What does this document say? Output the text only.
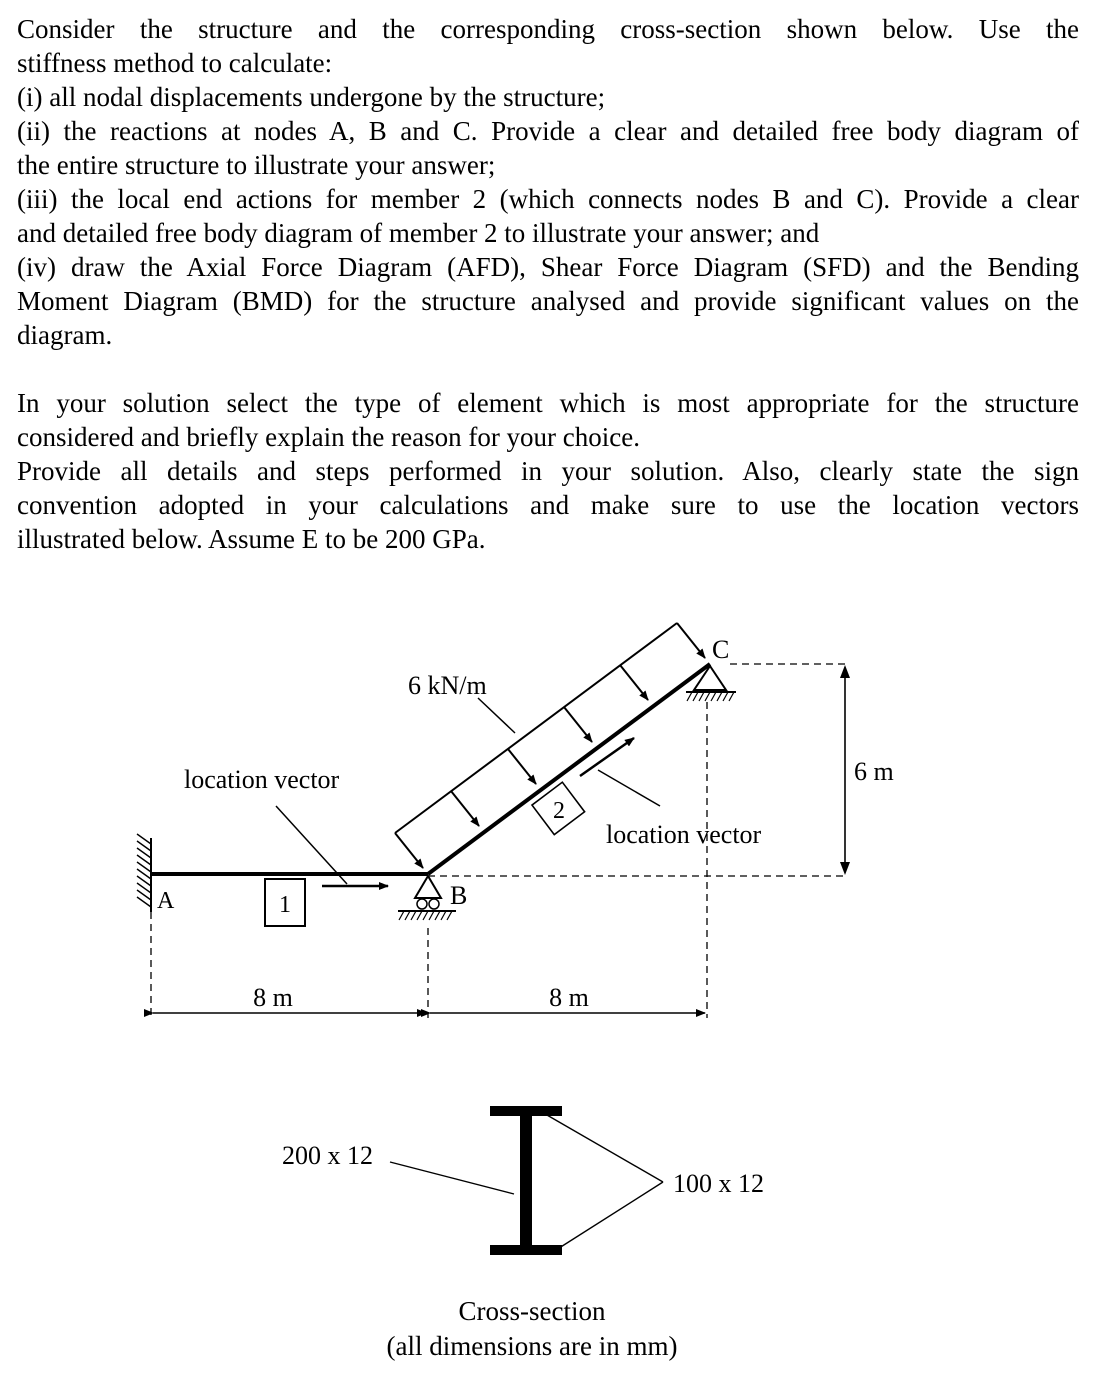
Consider the structure and the corresponding cross-section shown below. Use the
stiffness method to calculate:
(i) all nodal displacements undergone by the structure;
(ii) the reactions at nodes A, B and C. Provide a clear and detailed free body diagram of
the entire structure to illustrate your answer;
(iii) the local end actions for member 2 (which connects nodes B and C). Provide a clear
and detailed free body diagram of member 2 to illustrate your answer; and
(iv) draw the Axial Force Diagram (AFD), Shear Force Diagram (SFD) and the Bending
Moment Diagram (BMD) for the structure analysed and provide significant values on the
diagram.
In your solution select the type of element which is most appropriate for the structure
considered and briefly explain the reason for your choice.
Provide all details and steps performed in your solution. Also, clearly state the sign
convention adopted in your calculations and make sure to use the location vectors
illustrated below. Assume E to be 200 GPa.
6 kN/m
C
B
A	1
2
location vector
location vector
6 m
8 m	8 m
200 x 12
100 x 12
Cross-section
(all dimensions are in mm)
